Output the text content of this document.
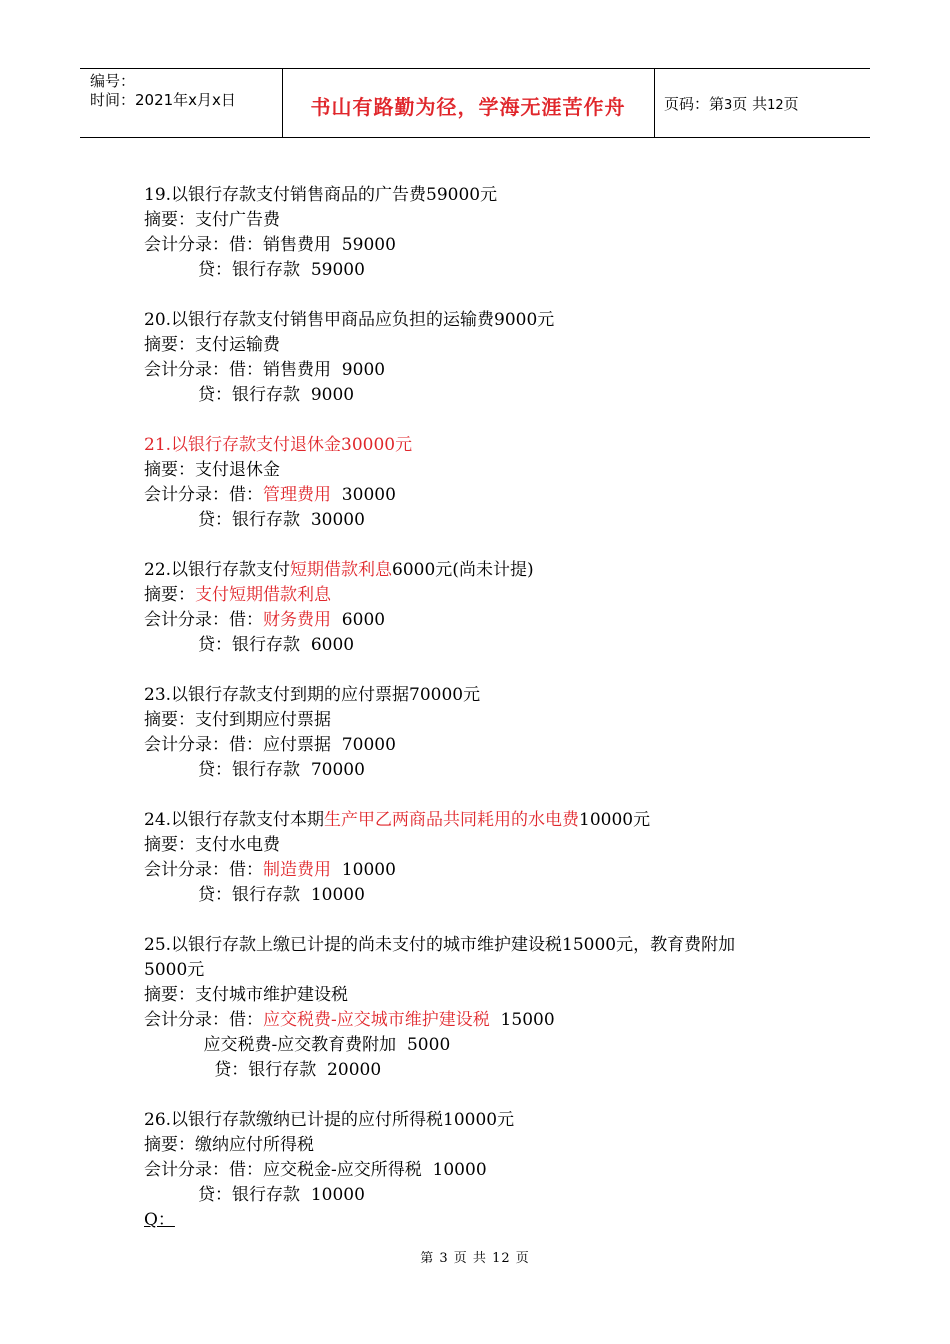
编号：
时间：2021年x月x日	书山有路勤为径，学海无涯苦作舟	页码：第3页 共12页
19.以银行存款支付销售商品的广告费59000元
摘要：支付广告费
会计分录：借：销售费用  59000
贷：银行存款  59000
20.以银行存款支付销售甲商品应负担的运输费9000元
摘要：支付运输费
会计分录：借：销售费用  9000
贷：银行存款  9000
21.以银行存款支付退休金30000元
摘要：支付退休金
会计分录：借：管理费用  30000
贷：银行存款  30000
22.以银行存款支付短期借款利息6000元(尚未计提)
摘要：支付短期借款利息
会计分录：借：财务费用  6000
贷：银行存款  6000
23.以银行存款支付到期的应付票据70000元
摘要：支付到期应付票据
会计分录：借：应付票据  70000
贷：银行存款  70000
24.以银行存款支付本期生产甲乙两商品共同耗用的水电费10000元
摘要：支付水电费
会计分录：借：制造费用  10000
贷：银行存款  10000
25.以银行存款上缴已计提的尚未支付的城市维护建设税15000元，教育费附加
5000元
摘要：支付城市维护建设税
会计分录：借：应交税费-应交城市维护建设税  15000
应交税费-应交教育费附加  5000
贷：银行存款  20000
26.以银行存款缴纳已计提的应付所得税10000元
摘要：缴纳应付所得税
会计分录：借：应交税金-应交所得税  10000
贷：银行存款  10000
Q：
第 3 页 共 12 页
